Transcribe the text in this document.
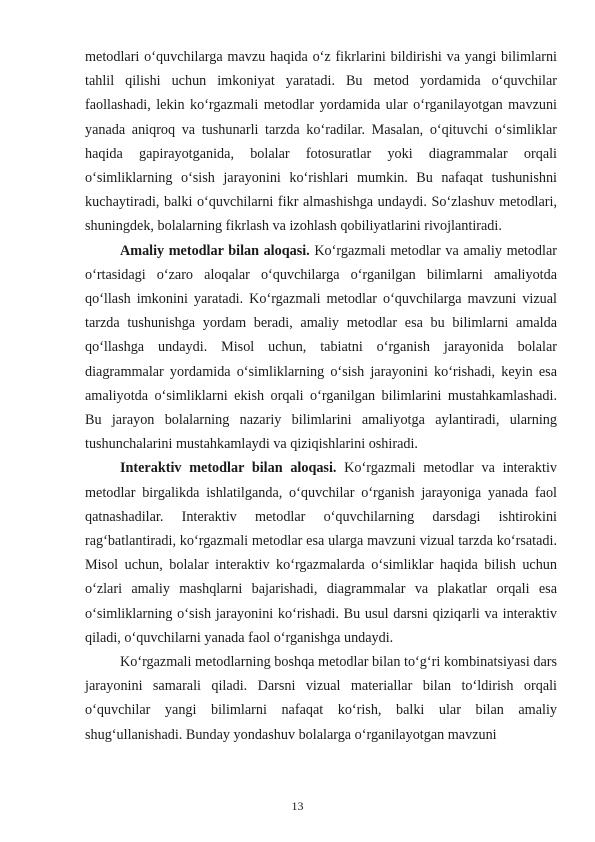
metodlari o‘quvchilarga mavzu haqida o‘z fikrlarini bildirishi va yangi bilimlarni tahlil qilishi uchun imkoniyat yaratadi. Bu metod yordamida o‘quvchilar faollashadi, lekin ko‘rgazmali metodlar yordamida ular o‘rganilayotgan mavzuni yanada aniqroq va tushunarli tarzda ko‘radilar. Masalan, o‘qituvchi o‘simliklar haqida gapirayotganida, bolalar fotosuratlar yoki diagrammalar orqali o‘simliklarning o‘sish jarayonini ko‘rishlari mumkin. Bu nafaqat tushunishni kuchaytiradi, balki o‘quvchilarni fikr almashishga undaydi. So‘zlashuv metodlari, shuningdek, bolalarning fikrlash va izohlash qobiliyatlarini rivojlantiradi.

Amaliy metodlar bilan aloqasi. Ko‘rgazmali metodlar va amaliy metodlar o‘rtasidagi o‘zaro aloqalar o‘quvchilarga o‘rganilgan bilimlarni amaliyotda qo‘llash imkonini yaratadi. Ko‘rgazmali metodlar o‘quvchilarga mavzuni vizual tarzda tushunishga yordam beradi, amaliy metodlar esa bu bilimlarni amalda qo‘llashga undaydi. Misol uchun, tabiatni o‘rganish jarayonida bolalar diagrammalar yordamida o‘simliklarning o‘sish jarayonini ko‘rishadi, keyin esa amaliyotda o‘simliklarni ekish orqali o‘rganilgan bilimlarini mustahkamlashadi. Bu jarayon bolalarning nazariy bilimlarini amaliyotga aylantiradi, ularning tushunchalarini mustahkamlaydi va qiziqishlarini oshiradi.

Interaktiv metodlar bilan aloqasi. Ko‘rgazmali metodlar va interaktiv metodlar birgalikda ishlatilganda, o‘quvchilar o‘rganish jarayoniga yanada faol qatnashadilar. Interaktiv metodlar o‘quvchilarning darsdagi ishtirokini rag‘batlantiradi, ko‘rgazmali metodlar esa ularga mavzuni vizual tarzda ko‘rsatadi. Misol uchun, bolalar interaktiv ko‘rgazmalarda o‘simliklar haqida bilish uchun o‘zlari amaliy mashqlarni bajarishadi, diagrammalar va plakatlar orqali esa o‘simliklarning o‘sish jarayonini ko‘rishadi. Bu usul darsni qiziqarli va interaktiv qiladi, o‘quvchilarni yanada faol o‘rganishga undaydi.

Ko‘rgazmali metodlarning boshqa metodlar bilan to‘g‘ri kombinatsiyasi dars jarayonini samarali qiladi. Darsni vizual materiallar bilan to‘ldirish orqali o‘quvchilar yangi bilimlarni nafaqat ko‘rish, balki ular bilan amaliy shug‘ullanishadi. Bunday yondashuv bolalarga o‘rganilayotgan mavzuni

13
